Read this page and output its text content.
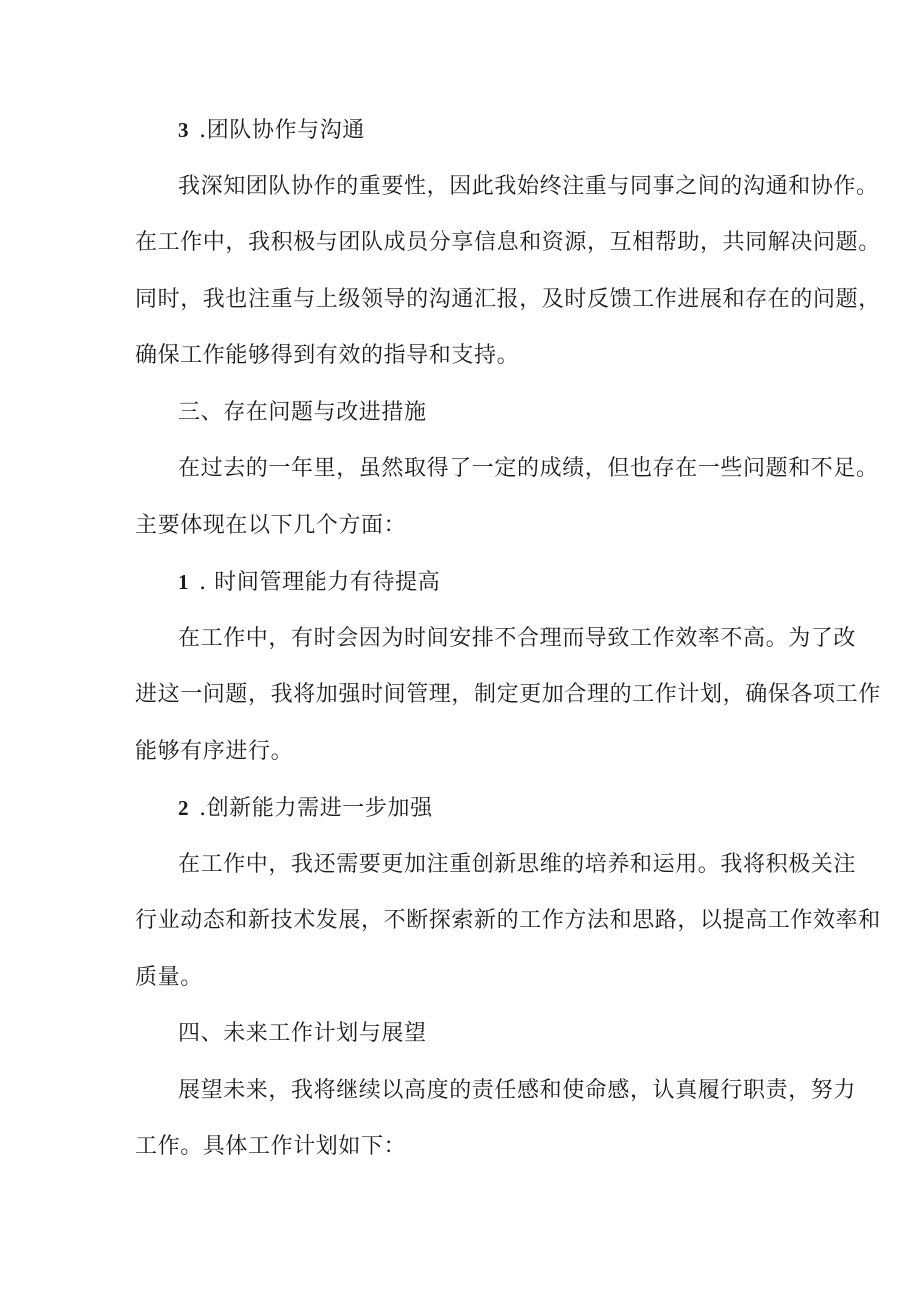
3 .团队协作与沟通
我深知团队协作的重要性，因此我始终注重与同事之间的沟通和协作。
在工作中，我积极与团队成员分享信息和资源，互相帮助，共同解决问题。
同时，我也注重与上级领导的沟通汇报，及时反馈工作进展和存在的问题，
确保工作能够得到有效的指导和支持。
三、存在问题与改进措施
在过去的一年里，虽然取得了一定的成绩，但也存在一些问题和不足。
主要体现在以下几个方面：
1 . 时间管理能力有待提高
在工作中，有时会因为时间安排不合理而导致工作效率不高。为了改
进这一问题，我将加强时间管理，制定更加合理的工作计划，确保各项工作
能够有序进行。
2 .创新能力需进一步加强
在工作中，我还需要更加注重创新思维的培养和运用。我将积极关注
行业动态和新技术发展，不断探索新的工作方法和思路，以提高工作效率和
质量。
四、未来工作计划与展望
展望未来，我将继续以高度的责任感和使命感，认真履行职责，努力
工作。具体工作计划如下：
